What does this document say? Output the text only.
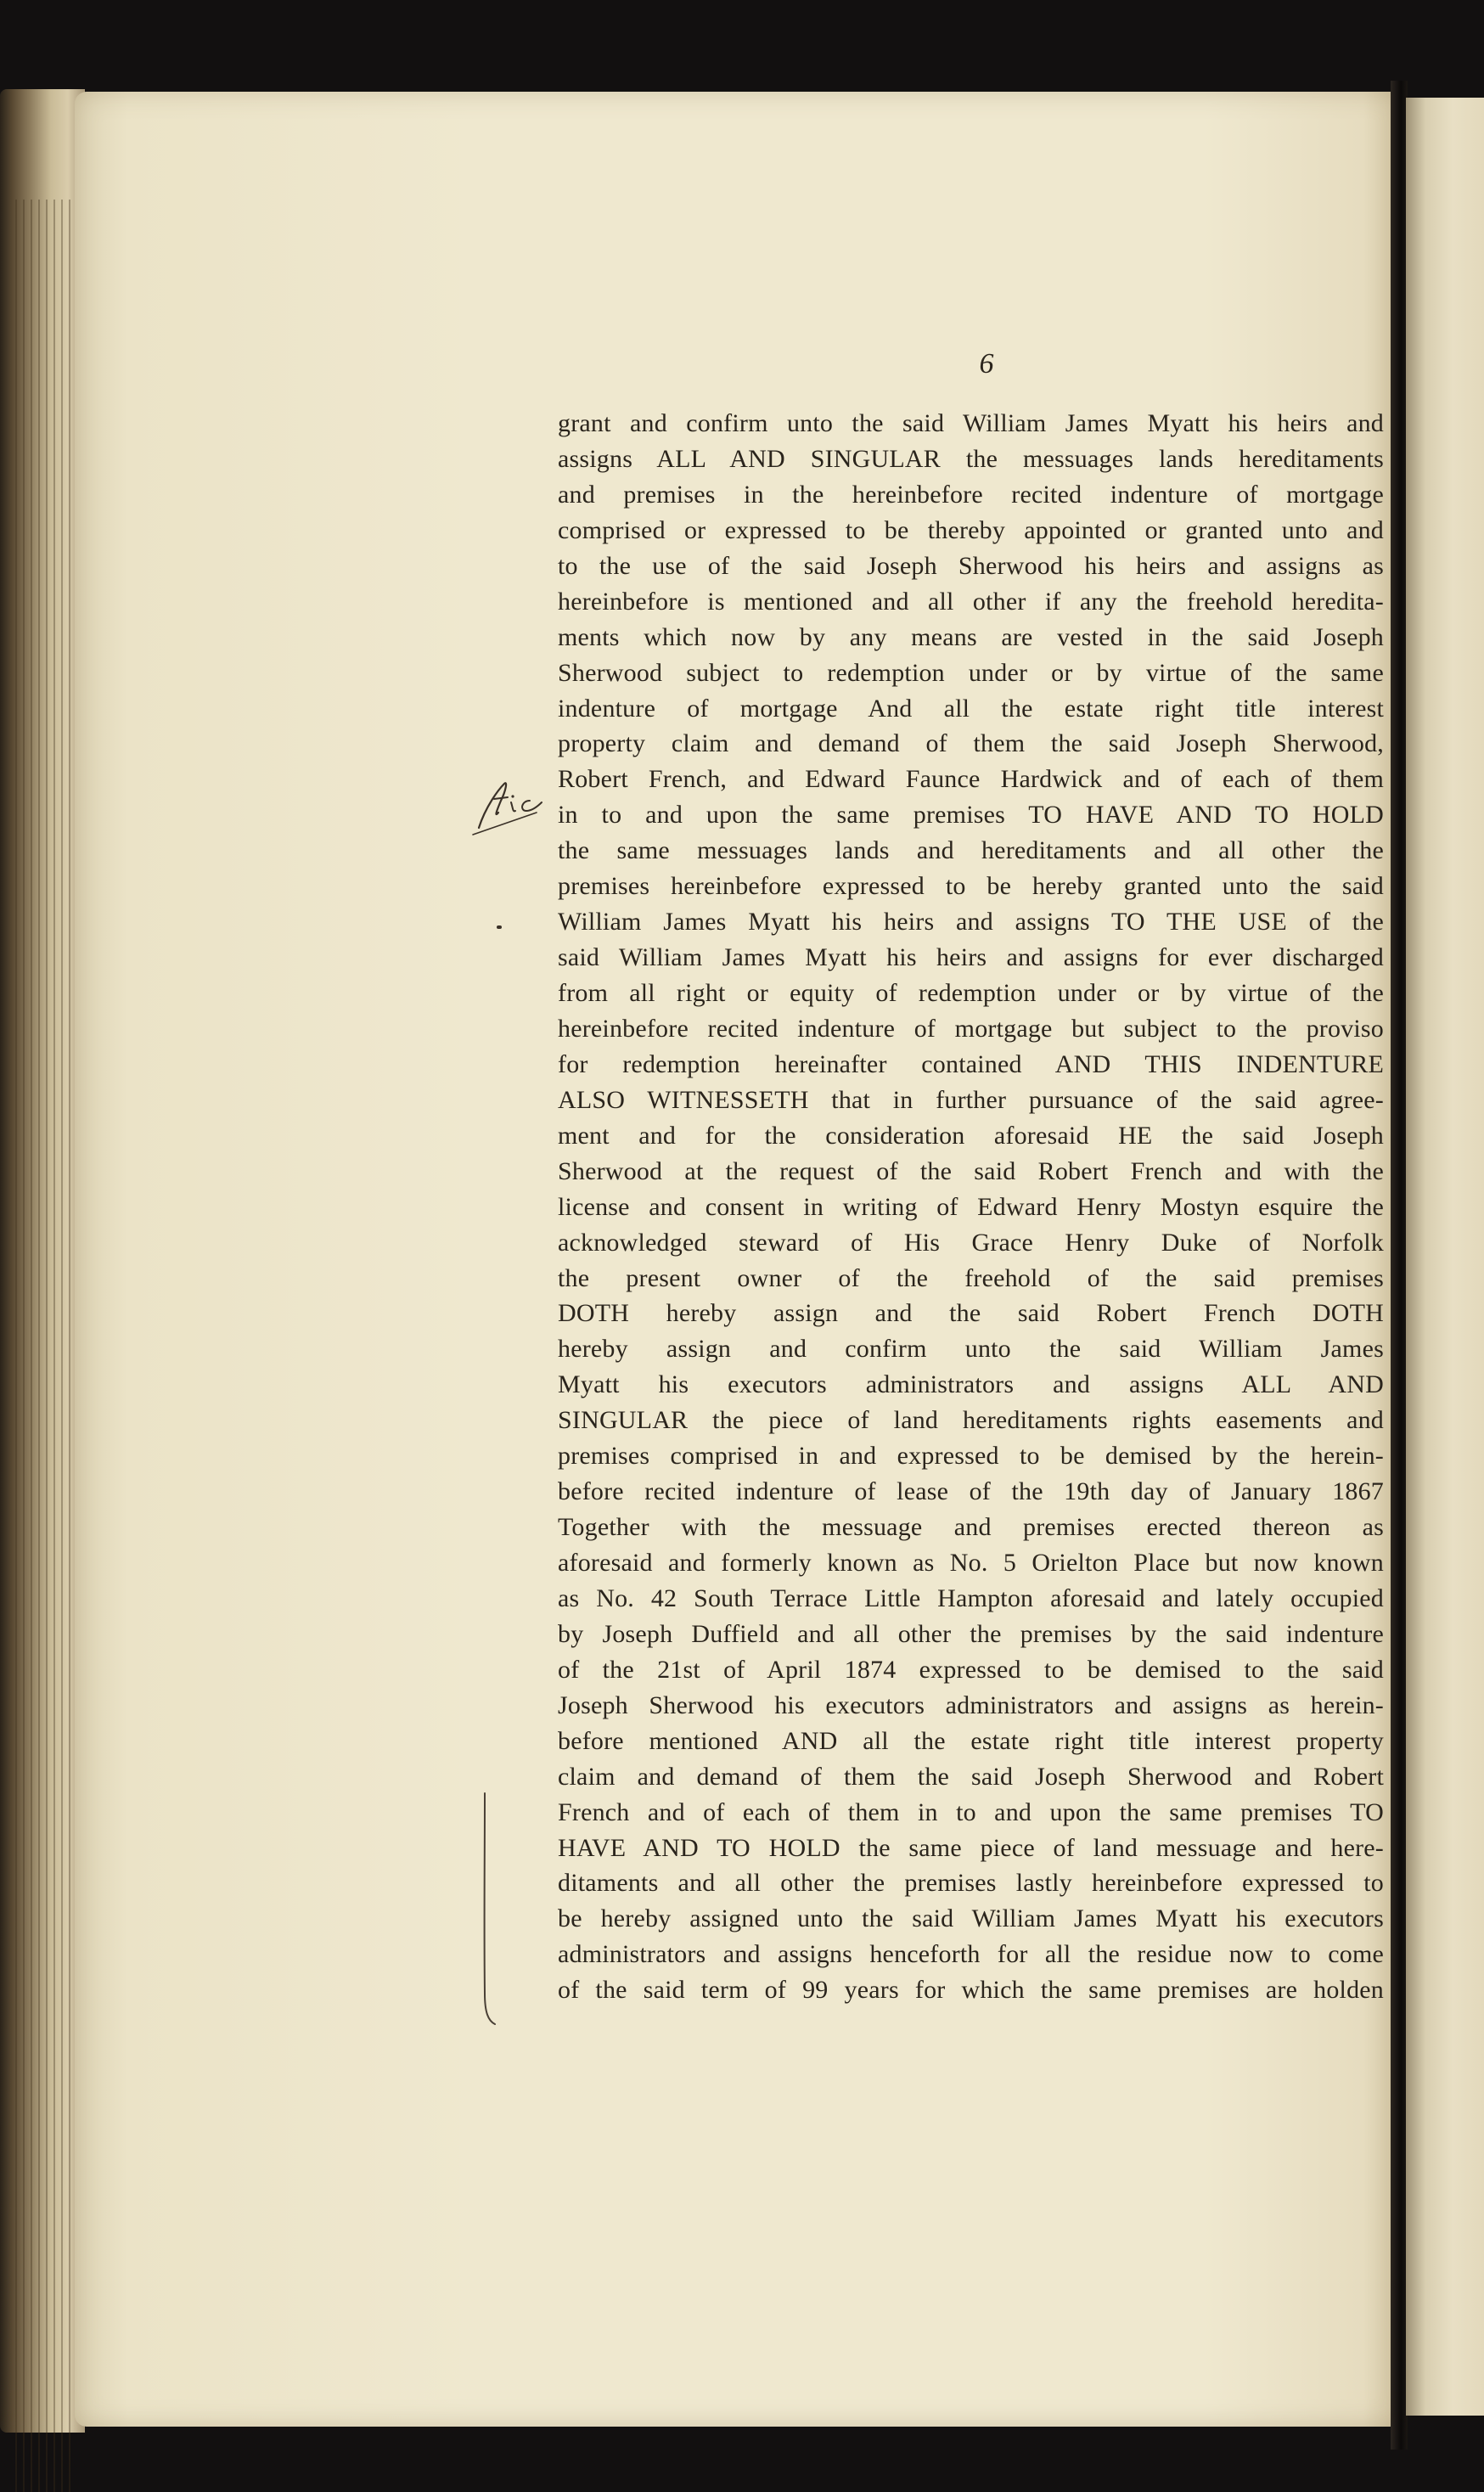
6
grant and confirm unto the said William James Myatt his heirs and
assigns ALL AND SINGULAR the messuages lands hereditaments
and premises in the hereinbefore recited indenture of mortgage
comprised or expressed to be thereby appointed or granted unto and
to the use of the said Joseph Sherwood his heirs and assigns as
hereinbefore is mentioned and all other if any the freehold heredita-
ments which now by any means are vested in the said Joseph
Sherwood subject to redemption under or by virtue of the same
indenture of mortgage And all the estate right title interest
property claim and demand of them the said Joseph Sherwood,
Robert French, and Edward Faunce Hardwick and of each of them
in to and upon the same premises TO HAVE AND TO HOLD
the same messuages lands and hereditaments and all other the
premises hereinbefore expressed to be hereby granted unto the said
William James Myatt his heirs and assigns TO THE USE of the
said William James Myatt his heirs and assigns for ever discharged
from all right or equity of redemption under or by virtue of the
hereinbefore recited indenture of mortgage but subject to the proviso
for redemption hereinafter contained AND THIS INDENTURE
ALSO WITNESSETH that in further pursuance of the said agree-
ment and for the consideration aforesaid HE the said Joseph
Sherwood at the request of the said Robert French and with the
license and consent in writing of Edward Henry Mostyn esquire the
acknowledged steward of His Grace Henry Duke of Norfolk
the present owner of the freehold of the said premises
DOTH hereby assign and the said Robert French DOTH
hereby assign and confirm unto the said William James
Myatt his executors administrators and assigns ALL AND
SINGULAR the piece of land hereditaments rights easements and
premises comprised in and expressed to be demised by the herein-
before recited indenture of lease of the 19th day of January 1867
Together with the messuage and premises erected thereon as
aforesaid and formerly known as No. 5 Orielton Place but now known
as No. 42 South Terrace Little Hampton aforesaid and lately occupied
by Joseph Duffield and all other the premises by the said indenture
of the 21st of April 1874 expressed to be demised to the said
Joseph Sherwood his executors administrators and assigns as herein-
before mentioned AND all the estate right title interest property
claim and demand of them the said Joseph Sherwood and Robert
French and of each of them in to and upon the same premises TO
HAVE AND TO HOLD the same piece of land messuage and here-
ditaments and all other the premises lastly hereinbefore expressed to
be hereby assigned unto the said William James Myatt his executors
administrators and assigns henceforth for all the residue now to come
of the said term of 99 years for which the same premises are holden
